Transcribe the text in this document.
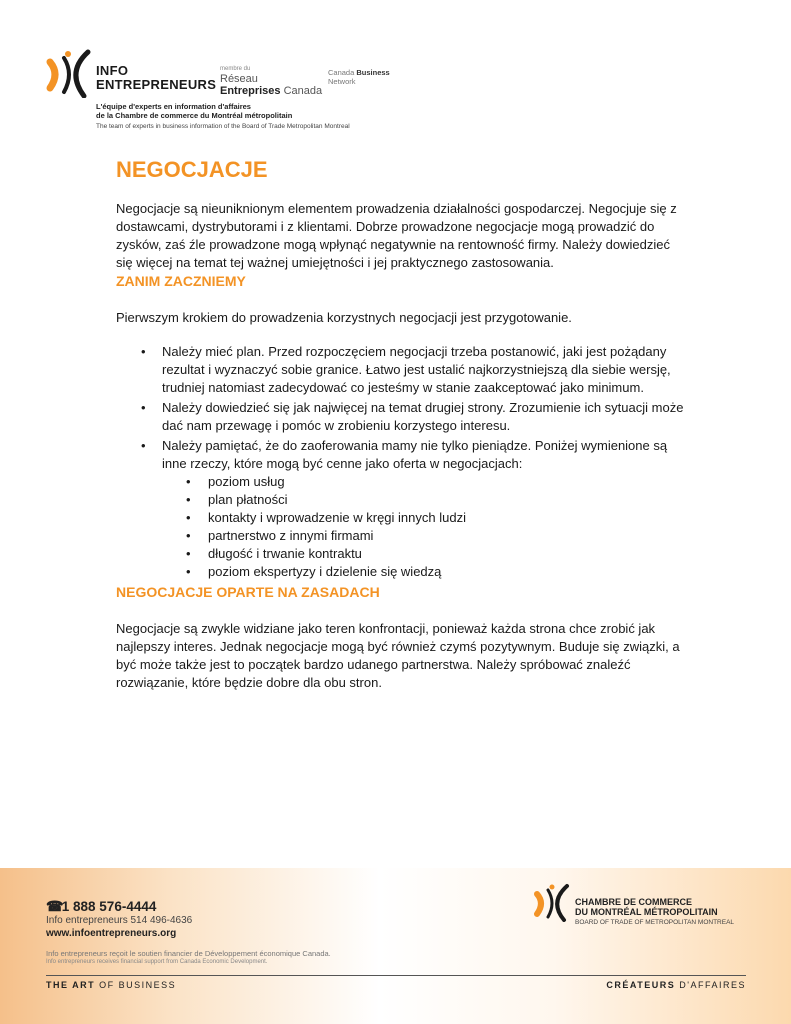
INFO
ENTREPRENEURS
membre du
Réseau
Entreprises Canada
Canada Business
Network
L'équipe d'experts en information d'affaires
de la Chambre de commerce du Montréal métropolitain
The team of experts in business information of the Board of Trade Metropolitan Montreal
NEGOCJACJE

Negocjacje są nieuniknionym elementem prowadzenia działalności gospodarczej. Negocjuje się z dostawcami, dystrybutorami i z klientami. Dobrze prowadzone negocjacje mogą prowadzić do zysków, zaś źle prowadzone mogą wpłynąć negatywnie na rentowność firmy. Należy dowiedzieć się więcej na temat tej ważnej umiejętności i jej praktycznego zastosowania.

ZANIM ZACZNIEMY

Pierwszym krokiem do prowadzenia korzystnych negocjacji jest przygotowanie.

• Należy mieć plan. Przed rozpoczęciem negocjacji trzeba postanowić, jaki jest pożądany rezultat i wyznaczyć sobie granice. Łatwo jest ustalić najkorzystniejszą dla siebie wersję, trudniej natomiast zadecydować co jesteśmy w stanie zaakceptować jako minimum.
• Należy dowiedzieć się jak najwięcej na temat drugiej strony. Zrozumienie ich sytuacji może dać nam przewagę i pomóc w zrobieniu korzystego interesu.
• Należy pamiętać, że do zaoferowania mamy nie tylko pieniądze. Poniżej wymienione są inne rzeczy, które mogą być cenne jako oferta w negocjacjach:
• poziom usług
• plan płatności
• kontakty i wprowadzenie w kręgi innych ludzi
• partnerstwo z innymi firmami
• długość i trwanie kontraktu
• poziom ekspertyzy i dzielenie się wiedzą
NEGOCJACJE OPARTE NA ZASADACH

Negocjacje są zwykle widziane jako teren konfrontacji, ponieważ każda strona chce zrobić jak najlepszy interes. Jednak negocjacje mogą być również czymś pozytywnym. Buduje się związki, a być może także jest to początek bardzo udanego partnerstwa. Należy spróbować znaleźć rozwiązanie, które będzie dobre dla obu stron.

☎ 1 888 576-4444
Info entrepreneurs 514 496-4636
www.infoentrepreneurs.org
Info entrepreneurs reçoit le soutien financier de Développement économique Canada.
Info entrepreneurs receives financial support from Canada Economic Development.
CHAMBRE DE COMMERCE
DU MONTRÉAL MÉTROPOLITAIN
BOARD OF TRADE OF METROPOLITAN MONTREAL
THE ART OF BUSINESS	CRÉATEURS D'AFFAIRES
